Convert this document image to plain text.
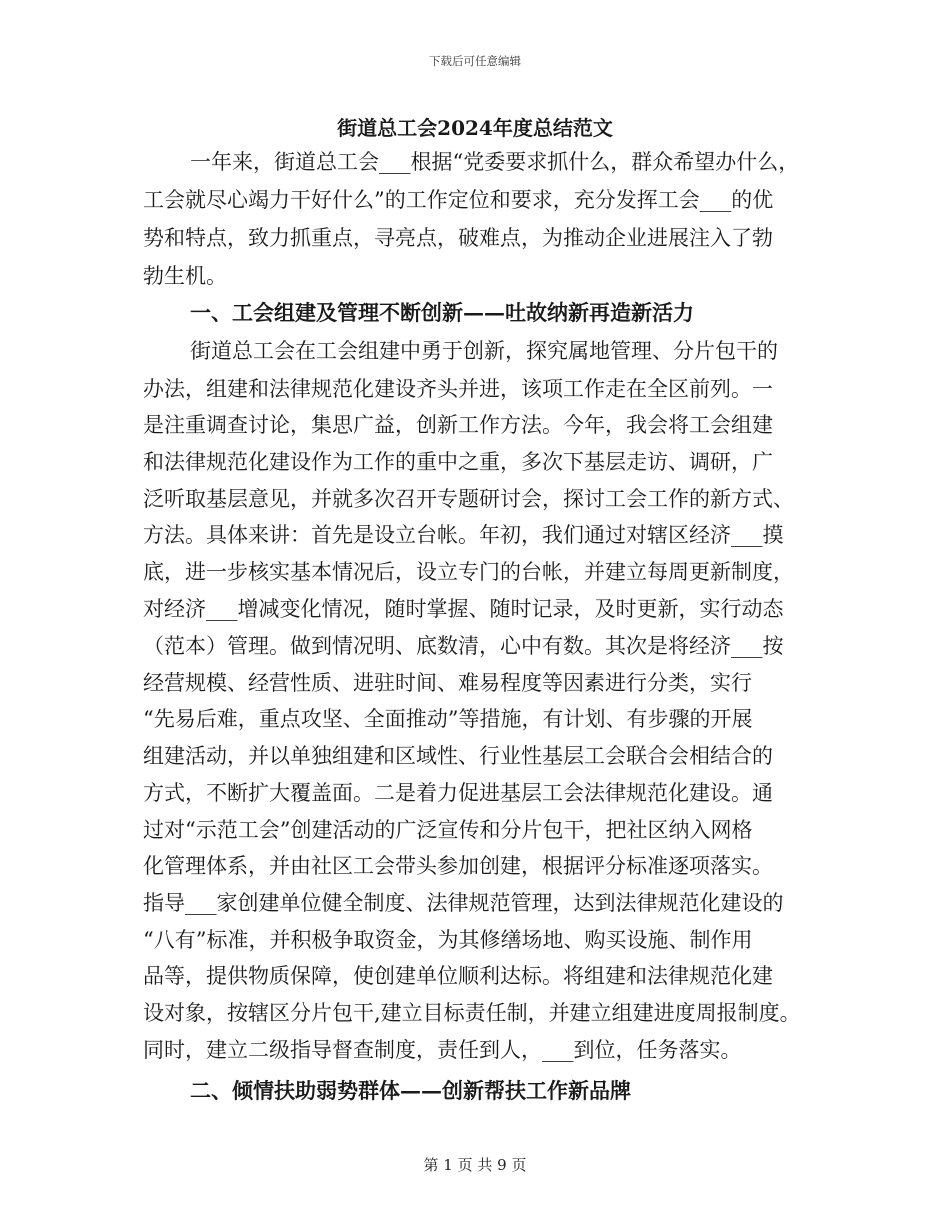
下载后可任意编辑
街道总工会2024年度总结范文
一年来，街道总工会___根据“党委要求抓什么，群众希望办什么，
工会就尽心竭力干好什么”的工作定位和要求，充分发挥工会___的优
势和特点，致力抓重点，寻亮点，破难点，为推动企业进展注入了勃
勃生机。
一、工会组建及管理不断创新——吐故纳新再造新活力
街道总工会在工会组建中勇于创新，探究属地管理、分片包干的
办法，组建和法律规范化建设齐头并进，该项工作走在全区前列。一
是注重调查讨论，集思广益，创新工作方法。今年，我会将工会组建
和法律规范化建设作为工作的重中之重，多次下基层走访、调研，广
泛听取基层意见，并就多次召开专题研讨会，探讨工会工作的新方式、
方法。具体来讲：首先是设立台帐。年初，我们通过对辖区经济___摸
底，进一步核实基本情况后，设立专门的台帐，并建立每周更新制度，
对经济___增减变化情况，随时掌握、随时记录，及时更新，实行动态
（范本）管理。做到情况明、底数清，心中有数。其次是将经济___按
经营规模、经营性质、进驻时间、难易程度等因素进行分类，实行
“先易后难，重点攻坚、全面推动”等措施，有计划、有步骤的开展
组建活动，并以单独组建和区域性、行业性基层工会联合会相结合的
方式，不断扩大覆盖面。二是着力促进基层工会法律规范化建设。通
过对“示范工会”创建活动的广泛宣传和分片包干，把社区纳入网格
化管理体系，并由社区工会带头参加创建，根据评分标准逐项落实。
指导___家创建单位健全制度、法律规范管理，达到法律规范化建设的
“八有”标准，并积极争取资金，为其修缮场地、购买设施、制作用
品等，提供物质保障，使创建单位顺利达标。将组建和法律规范化建
设对象，按辖区分片包干,建立目标责任制，并建立组建进度周报制度。
同时，建立二级指导督查制度，责任到人，___到位，任务落实。
二、倾情扶助弱势群体——创新帮扶工作新品牌
第 1 页 共 9 页
